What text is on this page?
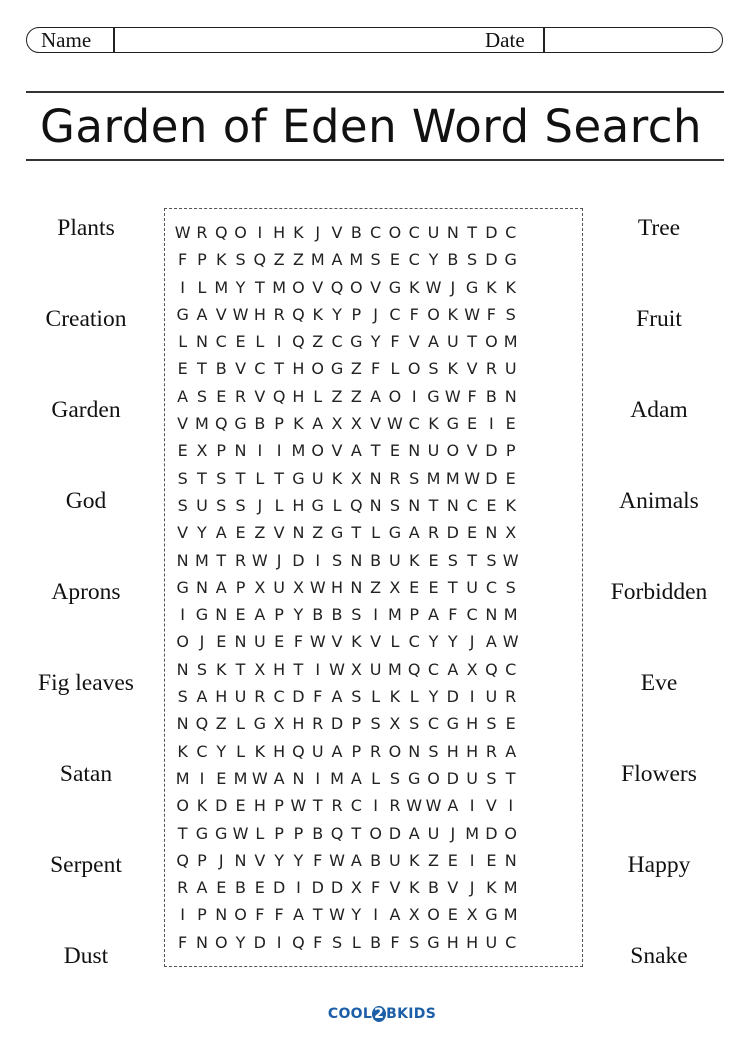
Name	Date
Garden of Eden Word Search
W R Q O I H K J V B C O C U N T D C
F P K S Q Z Z M A M S E C Y B S D G
I L M Y T M O V Q O V G K W J G K K
G A V W H R Q K Y P J C F O K W F S
L N C E L I Q Z C G Y F V A U T O M
E T B V C T H O G Z F L O S K V R U
A S E R V Q H L Z Z A O I G W F B N
V M Q G B P K A X X V W C K G E I E
E X P N I I M O V A T E N U O V D P
S T S T L T G U K X N R S M M W D E
S U S S J L H G L Q N S N T N C E K
V Y A E Z V N Z G T L G A R D E N X
N M T R W J D I S N B U K E S T S W
G N A P X U X W H N Z X E E T U C S
I G N E A P Y B B S I M P A F C N M
O J E N U E F W V K V L C Y Y J A W
N S K T X H T I W X U M Q C A X Q C
S A H U R C D F A S L K L Y D I U R
N Q Z L G X H R D P S X S C G H S E
K C Y L K H Q U A P R O N S H H R A
M I E M W A N I M A L S G O D U S T
O K D E H P W T R C I R W W A I V I
T G G W L P P B Q T O D A U J M D O
Q P J N V Y Y F W A B U K Z E I E N
R A E B E D I D D X F V K B V J K M
I P N O F F A T W Y I A X O E X G M
F N O Y D I Q F S L B F S G H H U C
Plants
Creation
Garden
God
Aprons
Fig leaves
Satan
Serpent
Dust
Tree
Fruit
Adam
Animals
Forbidden
Eve
Flowers
Happy
Snake
COOL 2 BKIDS
